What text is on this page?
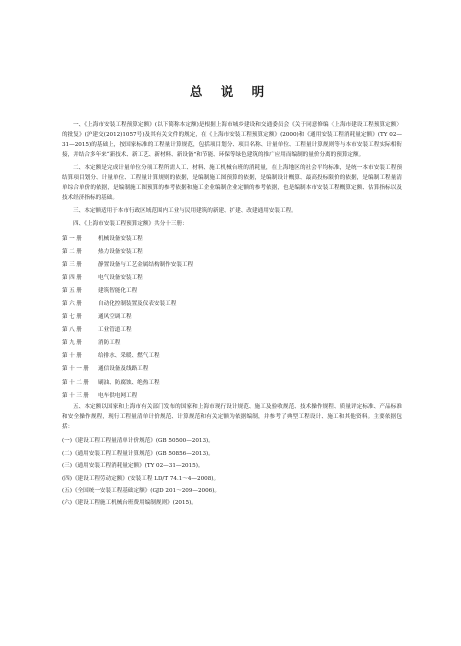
总 说 明

一、《上海市安装工程预算定额》(以下简称本定额)是根据上海市城乡建设和交通委员会《关于同意修编〈上海市建设工程预算定额〉的批复》(沪建交(2012)1057号)及其有关文件的规定，在《上海市安装工程预算定额》(2000)和《通用安装工程消耗量定额》(TY 02—31—2015)的基础上，按国家标准的工程量计算规范，包括项目划分、项目名称、计量单位、工程量计算规则等与本市安装工程实际相衔接，并结合多年来“新技术、新工艺、新材料、新设备”和节能、环保等绿色建筑的推广应用而编制的量价分离的预算定额。

二、本定额是完成计量单位分项工程所需人工、材料、施工机械台班的消耗量，在上海地区的社会平均标准，是统一本市安装工程预结算项目划分、计量单位、工程量计算规则的依据，是编制施工图预算的依据，是编制设计概算、最高投标限价的依据，是编制工程量清单综合单价的依据，是编制施工图预算的参考依据和施工企业编制企业定额的参考依据，也是编制本市安装工程概算定额、估算指标以及技术经济指标的基础。

三、本定额适用于本市行政区域范围内工业与民用建筑的新建、扩建、改建通用安装工程。

四、《上海市安装工程预算定额》共分十三册：

第一册	机械设备安装工程
第二册	热力设备安装工程
第三册	静置设备与工艺金属结构制作安装工程
第四册	电气设备安装工程
第五册	建筑智能化工程
第六册	自动化控制装置及仪表安装工程
第七册	通风空调工程
第八册	工业管道工程
第九册	消防工程
第十册	给排水、采暖、燃气工程
第十一册	通信设备及线路工程
第十二册	刷油、防腐蚀、绝热工程
第十三册	电车供电网工程

五、本定额以国家和上海市有关部门发布的国家和上海市现行设计规范、施工及验收规范、技术操作规程、质量评定标准、产品标准和安全操作规程，现行工程量清单计价规范、计算规范和有关定额为依据编制，并参考了典型工程设计、施工和其他资料。主要依据包括：

(一)《建设工程工程量清单计价规范》(GB 50500—2013)。
(二)《通用安装工程工程量计算规范》(GB 50856—2013)。
(三)《通用安装工程消耗量定额》(TY 02—31—2015)。
(四)《建设工程劳动定额》(安装工程 LD/T 74.1～4—2008)。
(五)《全国统一安装工程基础定额》(GJD 201～209—2006)。
(六)《建设工程施工机械台班费用编制规则》(2015)。
